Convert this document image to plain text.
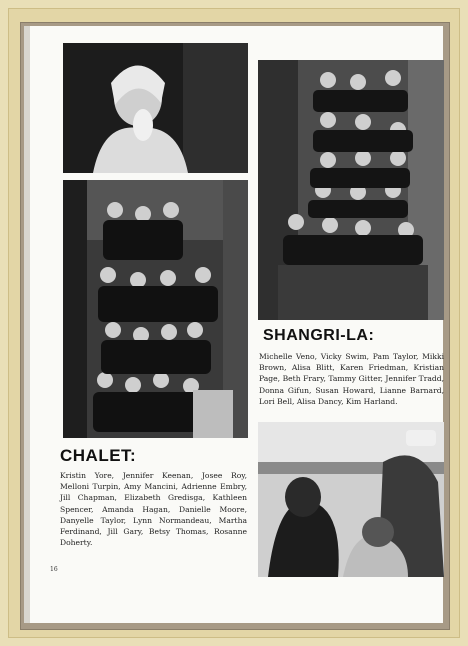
SHANGRI-LA:

Michelle Veno, Vicky Swim, Pam Taylor, Mikki Brown, Alisa Blitt, Karen Friedman, Kristian Page, Beth Frary, Tammy Gitter, Jennifer Tradd, Donna Gifun, Susan Howard, Lianne Barnard, Lori Bell, Alisa Dancy, Kim Harland.

CHALET:

Kristin Yore, Jennifer Keenan, Josee Roy, Melloni Turpin, Amy Mancini, Adrienne Embry, Jill Chapman, Elizabeth Gredisga, Kathleen Spencer, Amanda Hagan, Danielle Moore, Danyelle Taylor, Lynn Normandeau, Martha Ferdinand, Jill Gary, Betsy Thomas, Rosanne Doherty.

16
